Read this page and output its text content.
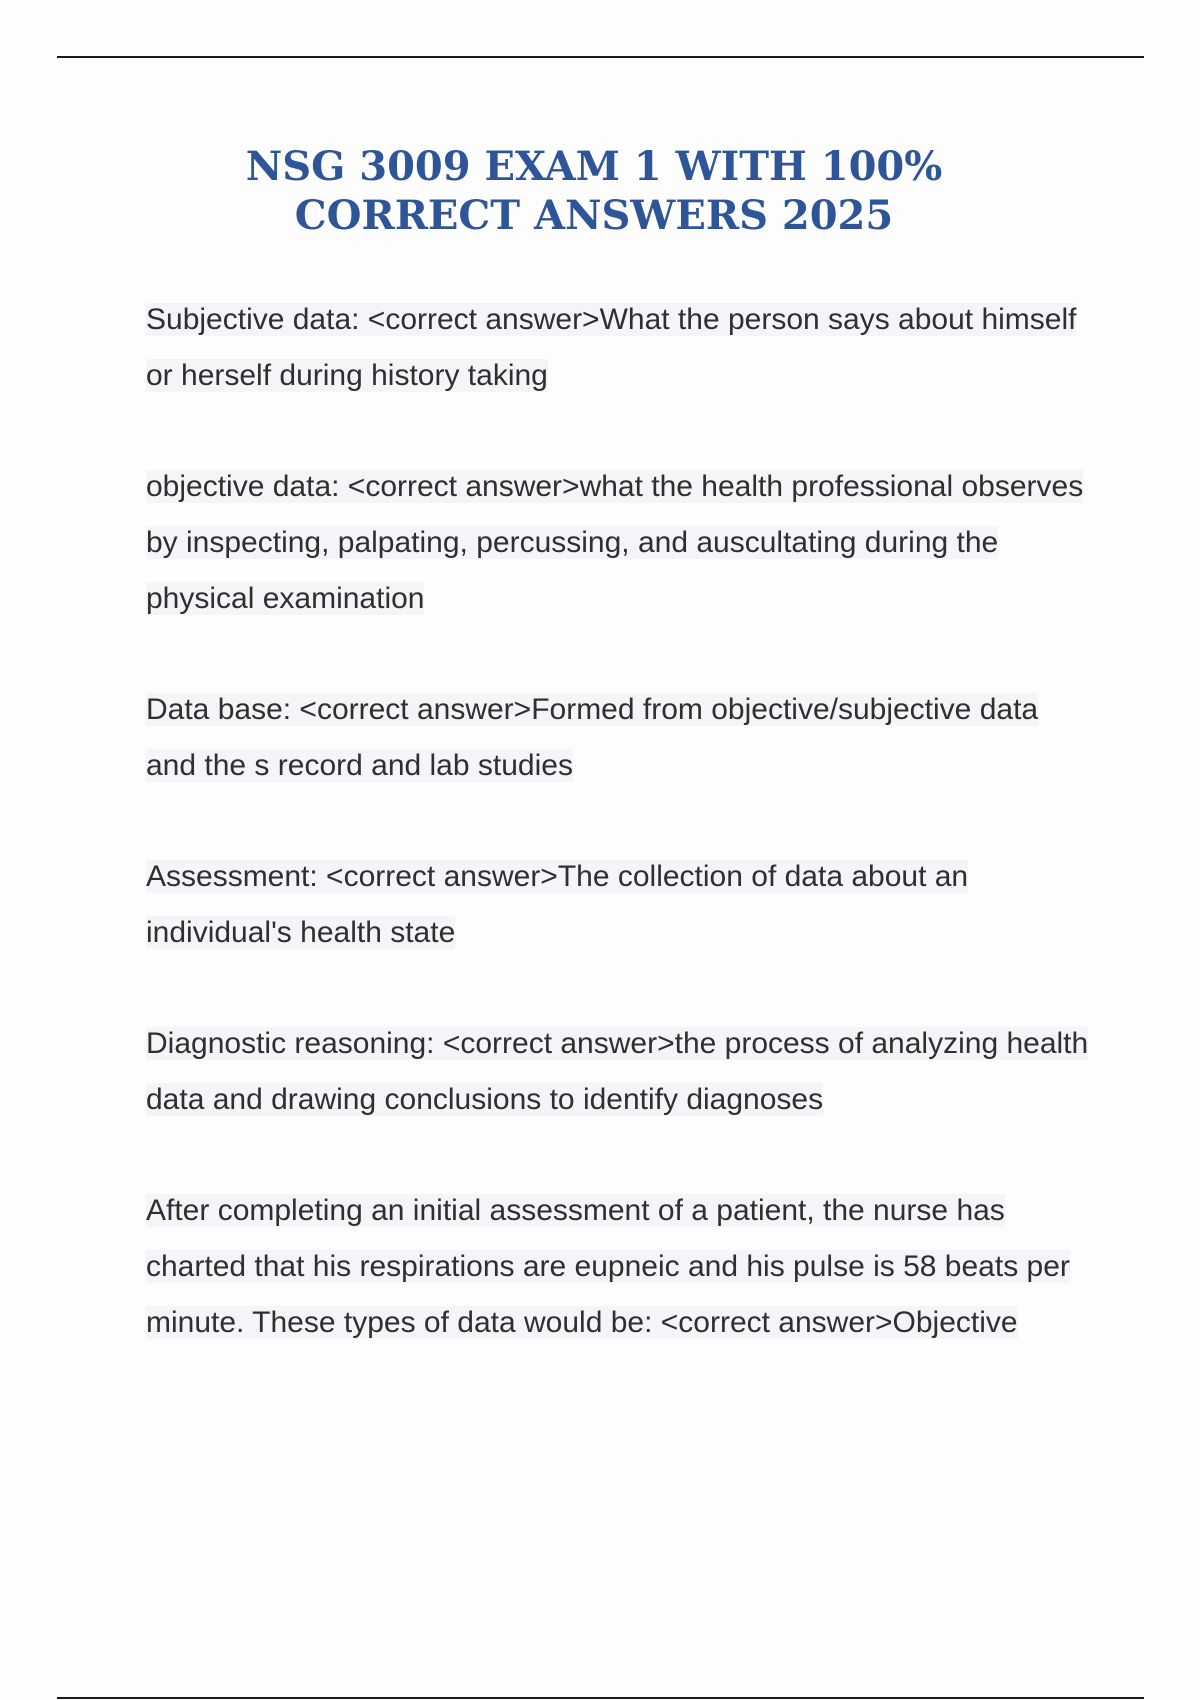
NSG 3009 EXAM 1 WITH 100%
CORRECT ANSWERS 2025

Subjective data: <correct answer>What the person says about himself or herself during history taking

objective data: <correct answer>what the health professional observes by inspecting, palpating, percussing, and auscultating during the physical examination

Data base: <correct answer>Formed from objective/subjective data and the s record and lab studies

Assessment: <correct answer>The collection of data about an individual's health state

Diagnostic reasoning: <correct answer>the process of analyzing health data and drawing conclusions to identify diagnoses

After completing an initial assessment of a patient, the nurse has charted that his respirations are eupneic and his pulse is 58 beats per minute. These types of data would be: <correct answer>Objective
